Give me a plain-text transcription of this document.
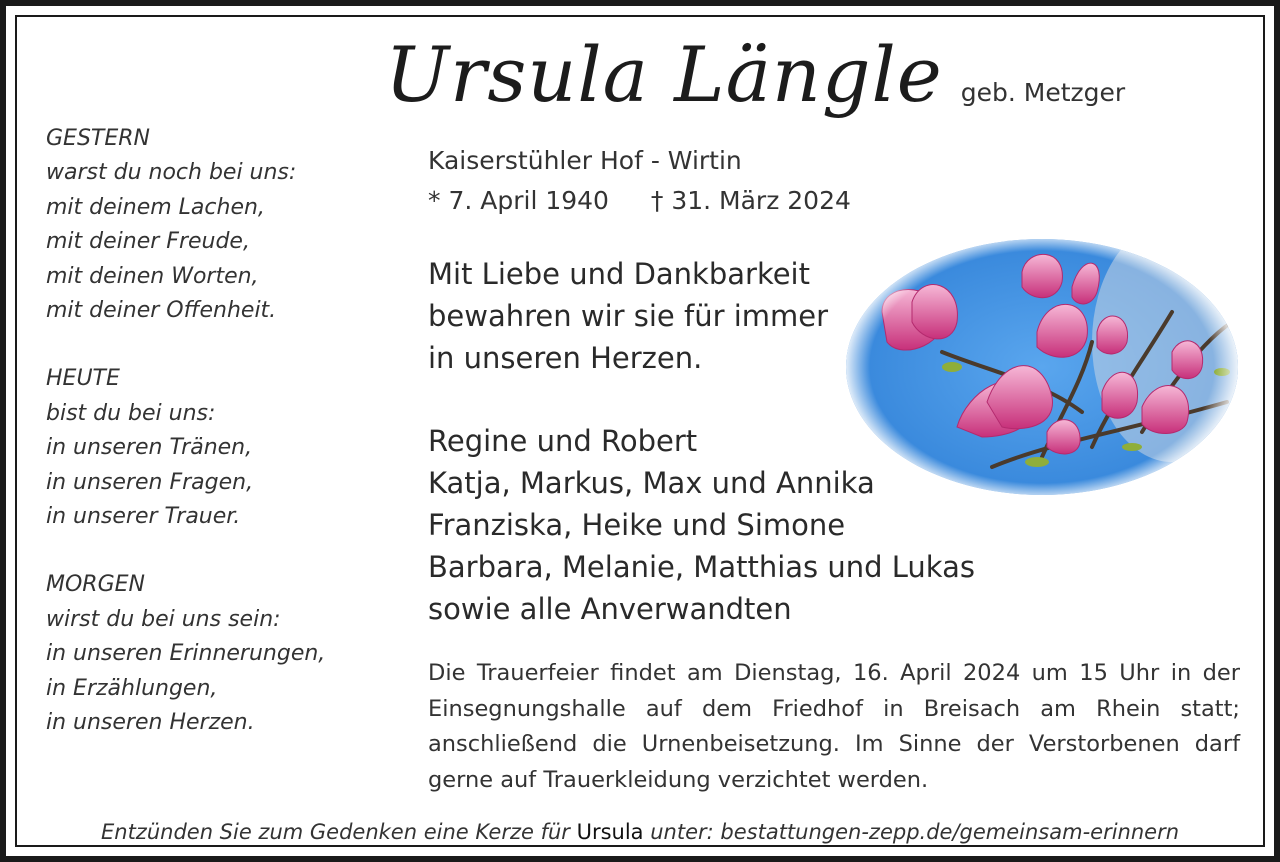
Ursula Längle geb. Metzger
Kaiserstühler Hof - Wirtin
* 7. April 1940 † 31. März 2024
GESTERN
warst du noch bei uns:
mit deinem Lachen,
mit deiner Freude,
mit deinen Worten,
mit deiner Offenheit.
HEUTE
bist du bei uns:
in unseren Tränen,
in unseren Fragen,
in unserer Trauer.
MORGEN
wirst du bei uns sein:
in unseren Erinnerungen,
in Erzählungen,
in unseren Herzen.
Mit Liebe und Dankbarkeit
bewahren wir sie für immer
in unseren Herzen.
Regine und Robert
Katja, Markus, Max und Annika
Franziska, Heike und Simone
Barbara, Melanie, Matthias und Lukas
sowie alle Anverwandten
Die Trauerfeier findet am Dienstag, 16. April 2024 um 15 Uhr in der Einsegnungshalle auf dem Friedhof in Breisach am Rhein statt; anschließend die Urnenbeisetzung. Im Sinne der Verstorbenen darf gerne auf Trauerkleidung verzichtet werden.
Entzünden Sie zum Gedenken eine Kerze für Ursula unter: bestattungen-zepp.de/gemeinsam-erinnern
